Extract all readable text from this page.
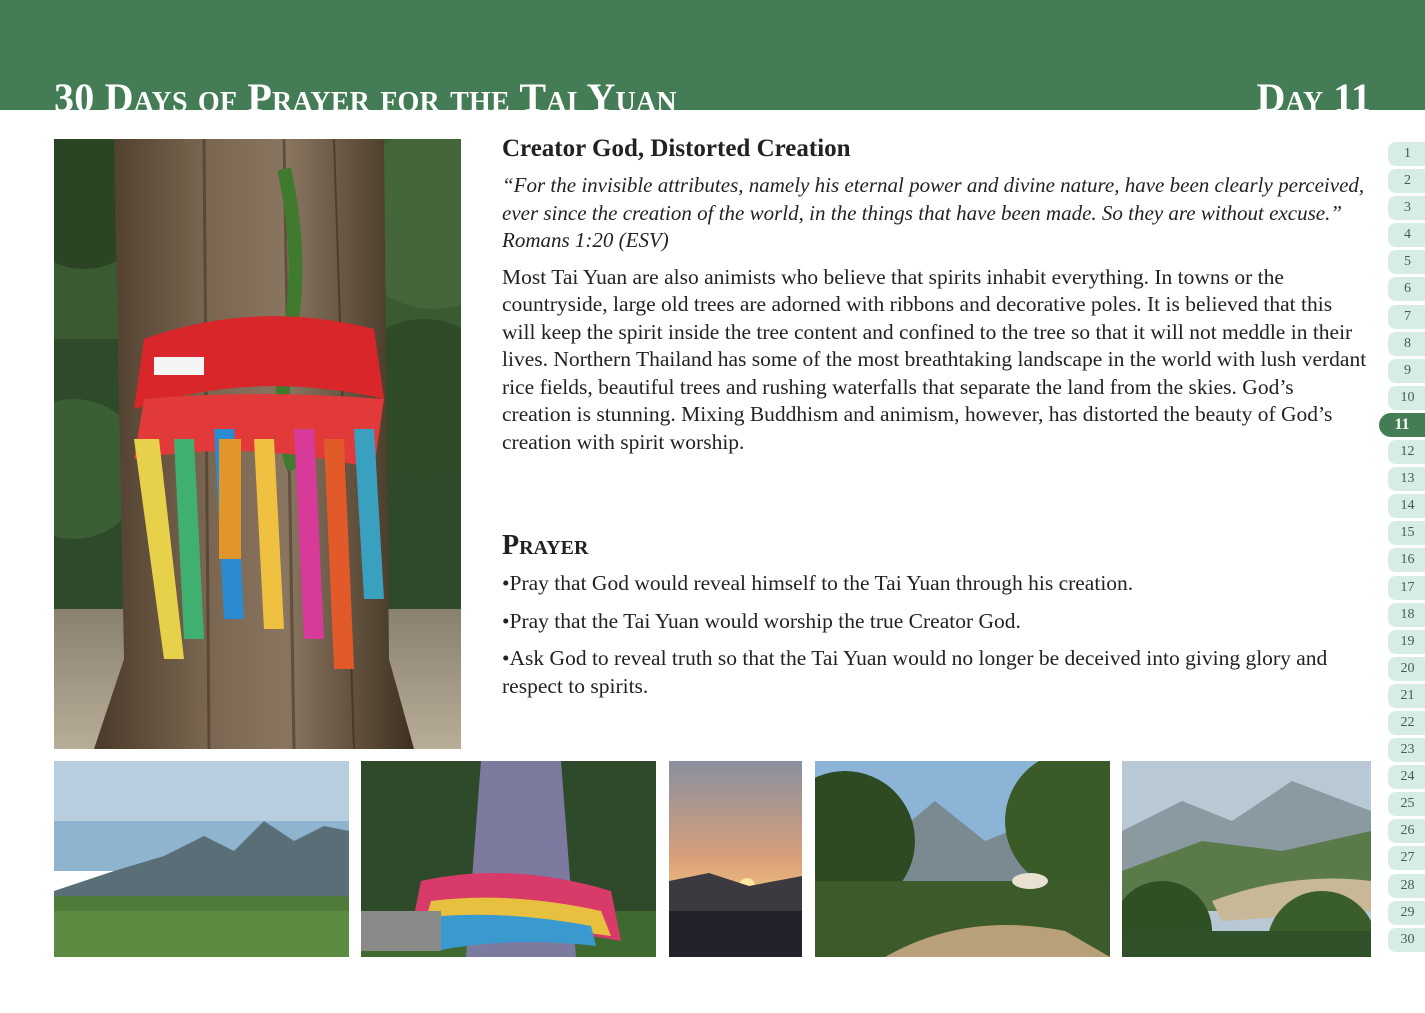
30 Days of Prayer for the Tai Yuan	Day 11
Creator God, Distorted Creation

“For the invisible attributes, namely his eternal power and divine nature, have been clearly perceived, ever since the creation of the world, in the things that have been made. So they are without excuse.” Romans 1:20 (ESV)

Most Tai Yuan are also animists who believe that spirits inhabit everything. In towns or the countryside, large old trees are adorned with ribbons and decorative poles. It is believed that this will keep the spirit inside the tree content and confined to the tree so that it will not meddle in their lives. Northern Thailand has some of the most breathtaking landscape in the world with lush verdant rice fields, beautiful trees and rushing waterfalls that separate the land from the skies. God’s creation is stunning. Mixing Buddhism and animism, however, has distorted the beauty of God’s creation with spirit worship.

Prayer
•Pray that God would reveal himself to the Tai Yuan through his creation.
•Pray that the Tai Yuan would worship the true Creator God.
•Ask God to reveal truth so that the Tai Yuan would no longer be deceived into giving glory and respect to spirits.
1
2
3
4
5
6
7
8
9
10
11
12
13
14
15
16
17
18
19
20
21
22
23
24
25
26
27
28
29
30
